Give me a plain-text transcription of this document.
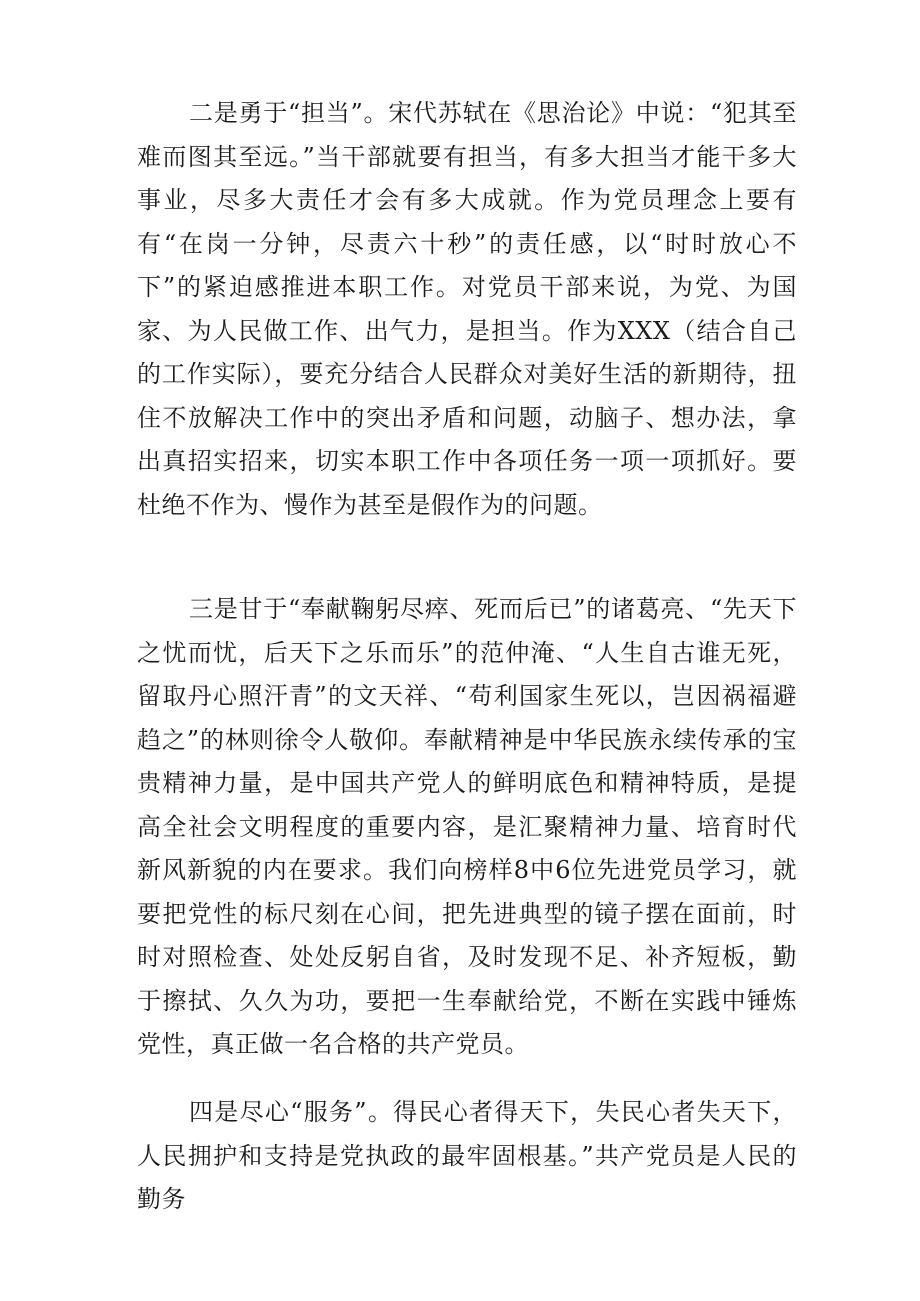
二是勇于“担当”。宋代苏轼在《思治论》中说：“犯其至难而图其至远。”当干部就要有担当，有多大担当才能干多大事业，尽多大责任才会有多大成就。作为党员理念上要有有“在岗一分钟，尽责六十秒”的责任感，以“时时放心不下”的紧迫感推进本职工作。对党员干部来说，为党、为国家、为人民做工作、出气力，是担当。作为XXX（结合自己的工作实际），要充分结合人民群众对美好生活的新期待，扭住不放解决工作中的突出矛盾和问题，动脑子、想办法，拿出真招实招来，切实本职工作中各项任务一项一项抓好。要杜绝不作为、慢作为甚至是假作为的问题。

三是甘于“奉献鞠躬尽瘁、死而后已”的诸葛亮、“先天下之忧而忧，后天下之乐而乐”的范仲淹、“人生自古谁无死，留取丹心照汗青”的文天祥、“苟利国家生死以，岂因祸福避趋之”的林则徐令人敬仰。奉献精神是中华民族永续传承的宝贵精神力量，是中国共产党人的鲜明底色和精神特质，是提高全社会文明程度的重要内容，是汇聚精神力量、培育时代新风新貌的内在要求。我们向榜样8中6位先进党员学习，就要把党性的标尺刻在心间，把先进典型的镜子摆在面前，时时对照检查、处处反躬自省，及时发现不足、补齐短板，勤于擦拭、久久为功，要把一生奉献给党，不断在实践中锤炼党性，真正做一名合格的共产党员。

四是尽心“服务”。得民心者得天下，失民心者失天下，人民拥护和支持是党执政的最牢固根基。”共产党员是人民的勤务
